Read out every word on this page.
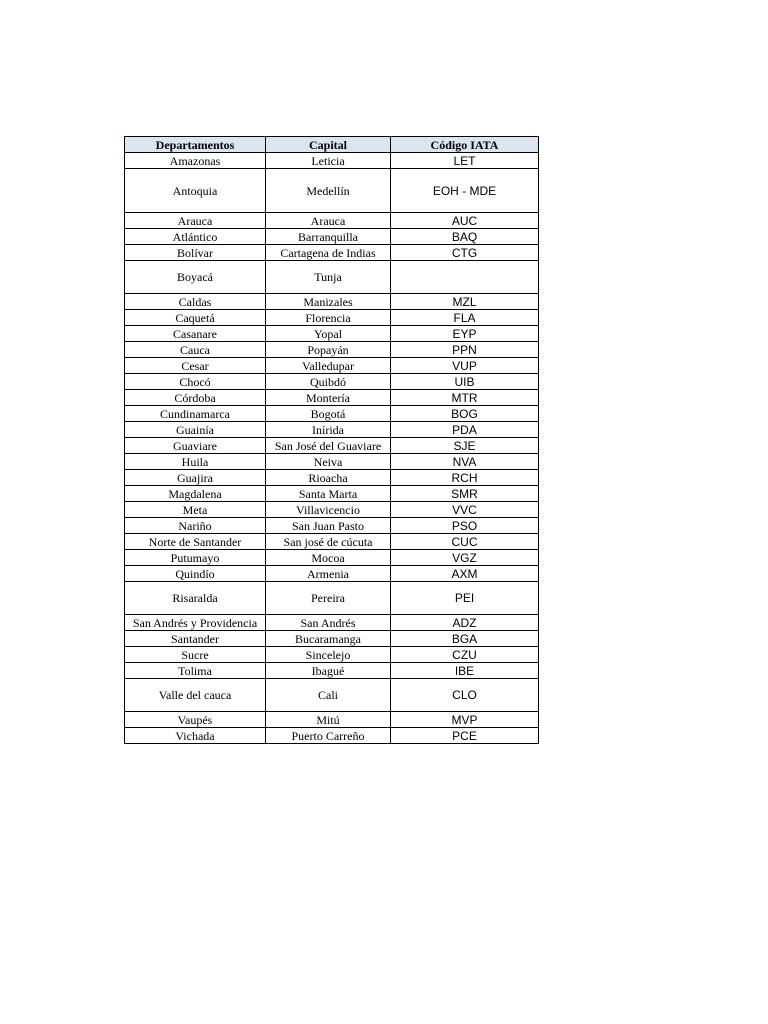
Departamentos	Capital	Código IATA
Amazonas	Leticia	LET
Antoquia	Medellín	EOH - MDE
Arauca	Arauca	AUC
Atlántico	Barranquilla	BAQ
Bolívar	Cartagena de Indias	CTG
Boyacá	Tunja	
Caldas	Manizales	MZL
Caquetá	Florencia	FLA
Casanare	Yopal	EYP
Cauca	Popayán	PPN
Cesar	Valledupar	VUP
Chocó	Quibdó	UIB
Córdoba	Montería	MTR
Cundinamarca	Bogotá	BOG
Guainía	Inírida	PDA
Guaviare	San José del Guaviare	SJE
Huila	Neiva	NVA
Guajira	Rioacha	RCH
Magdalena	Santa Marta	SMR
Meta	Villavicencio	VVC
Nariño	San Juan Pasto	PSO
Norte de Santander	San josé de cúcuta	CUC
Putumayo	Mocoa	VGZ
Quindío	Armenia	AXM
Risaralda	Pereira	PEI
San Andrés y Providencia	San Andrés	ADZ
Santander	Bucaramanga	BGA
Sucre	Sincelejo	CZU
Tolima	Ibagué	IBE
Valle del cauca	Cali	CLO
Vaupés	Mitú	MVP
Vichada	Puerto Carreño	PCE
